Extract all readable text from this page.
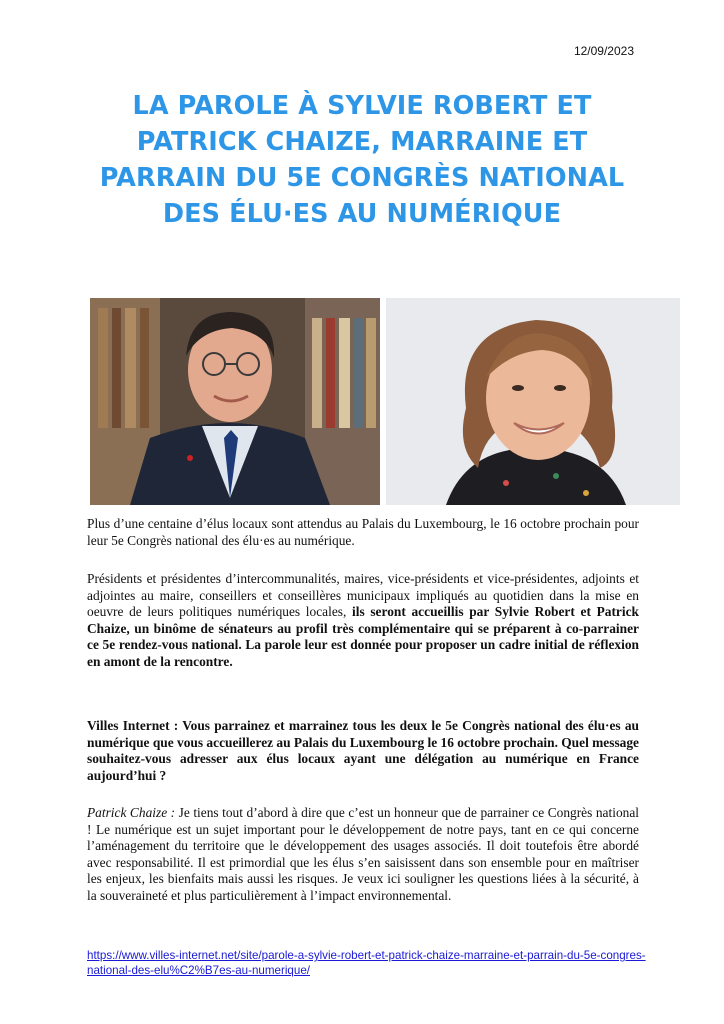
12/09/2023
LA PAROLE À SYLVIE ROBERT ET PATRICK CHAIZE, MARRAINE ET PARRAIN DU 5E CONGRÈS NATIONAL DES ÉLU·ES AU NUMÉRIQUE

Plus d’une centaine d’élus locaux sont attendus au Palais du Luxembourg, le 16 octobre prochain pour leur 5e Congrès national des élu·es au numérique.

Présidents et présidentes d’intercommunalités, maires, vice-présidents et vice-présidentes, adjoints et adjointes au maire, conseillers et conseillères municipaux impliqués au quotidien dans la mise en oeuvre de leurs politiques numériques locales, ils seront accueillis par Sylvie Robert et Patrick Chaize, un binôme de sénateurs au profil très complémentaire qui se préparent à co-parrainer ce 5e rendez-vous national. La parole leur est donnée pour proposer un cadre initial de réflexion en amont de la rencontre.

Villes Internet : Vous parrainez et marrainez tous les deux le 5e Congrès national des élu·es au numérique que vous accueillerez au Palais du Luxembourg le 16 octobre prochain. Quel message souhaitez-vous adresser aux élus locaux ayant une délégation au numérique en France aujourd’hui ?

Patrick Chaize : Je tiens tout d’abord à dire que c’est un honneur que de parrainer ce Congrès national ! Le numérique est un sujet important pour le développement de notre pays, tant en ce qui concerne l’aménagement du territoire que le développement des usages associés. Il doit toutefois être abordé avec responsabilité. Il est primordial que les élus s’en saisissent dans son ensemble pour en maîtriser les enjeux, les bienfaits mais aussi les risques. Je veux ici souligner les questions liées à la sécurité, à la souveraineté et plus particulièrement à l’impact environnemental.

https://www.villes-internet.net/site/parole-a-sylvie-robert-et-patrick-chaize-marraine-et-parrain-du-5e-congres-national-des-elu%C2%B7es-au-numerique/
